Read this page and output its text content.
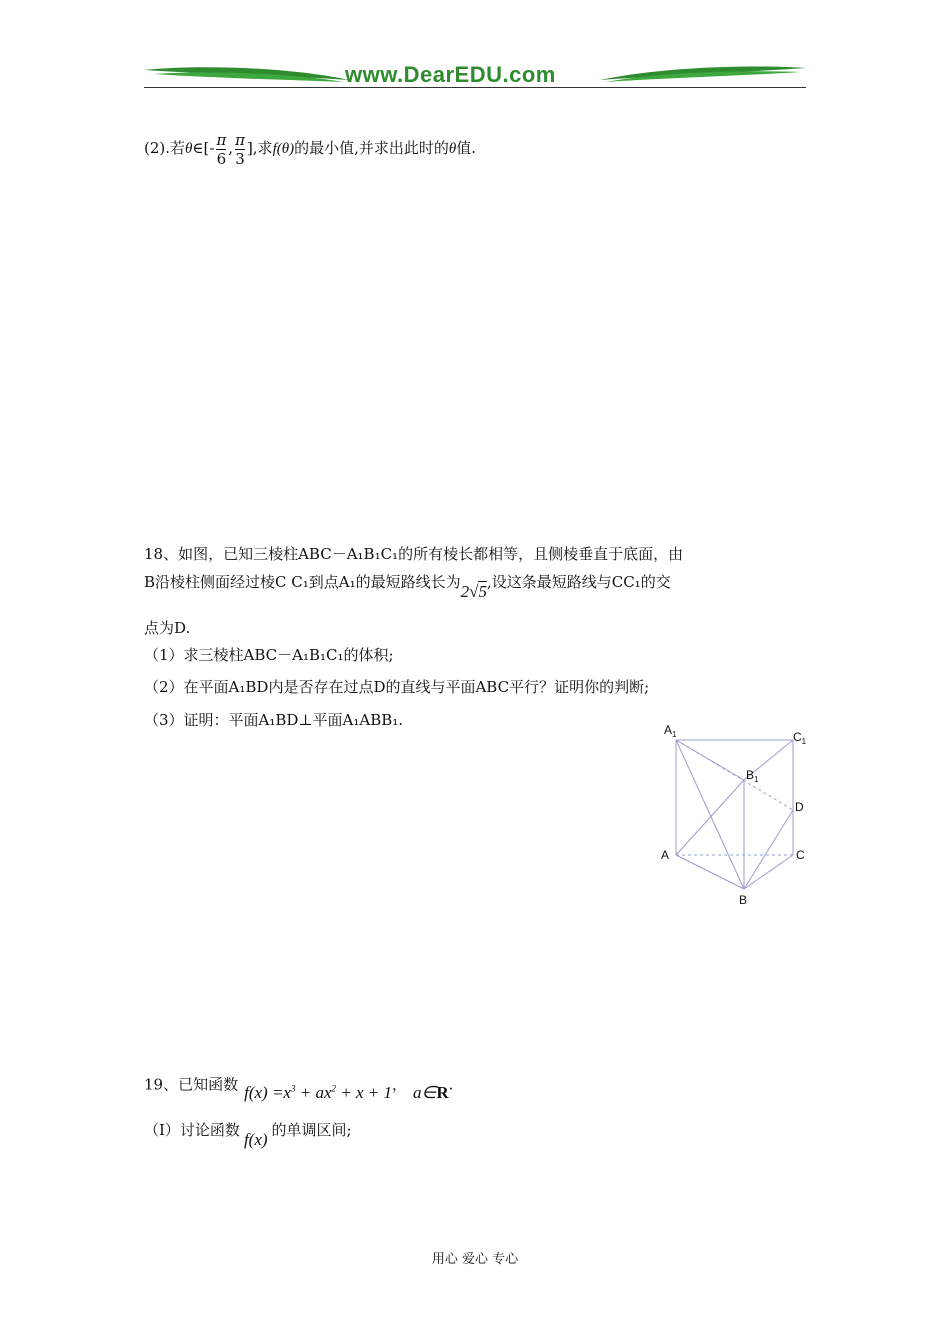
www.DearEDU.com
(2).若θ∈[- $\frac{\pi}{6}$ , $\frac{\pi}{3}$ ],求f(θ)的最小值,并求出此时的θ值.
18、如图，已知三棱柱ABC－A₁B₁C₁的所有棱长都相等，且侧棱垂直于底面，由
B沿棱柱侧面经过棱C C₁到点A₁的最短路线长为2√5,设这条最短路线与CC₁的交
点为D.
（1）求三棱柱ABC－A₁B₁C₁的体积;
（2）在平面A₁BD内是否存在过点D的直线与平面ABC平行？证明你的判断;
（3）证明：平面A₁BD⊥平面A₁ABB₁.
$A_1$	$C_1$
$B_1$
D
A	C
B
19、已知函数 $f(x) =x^3 + ax^2 + x + 1$， a∈R.
（Ⅰ）讨论函数 f(x) 的单调区间;
用心 爱心 专心
